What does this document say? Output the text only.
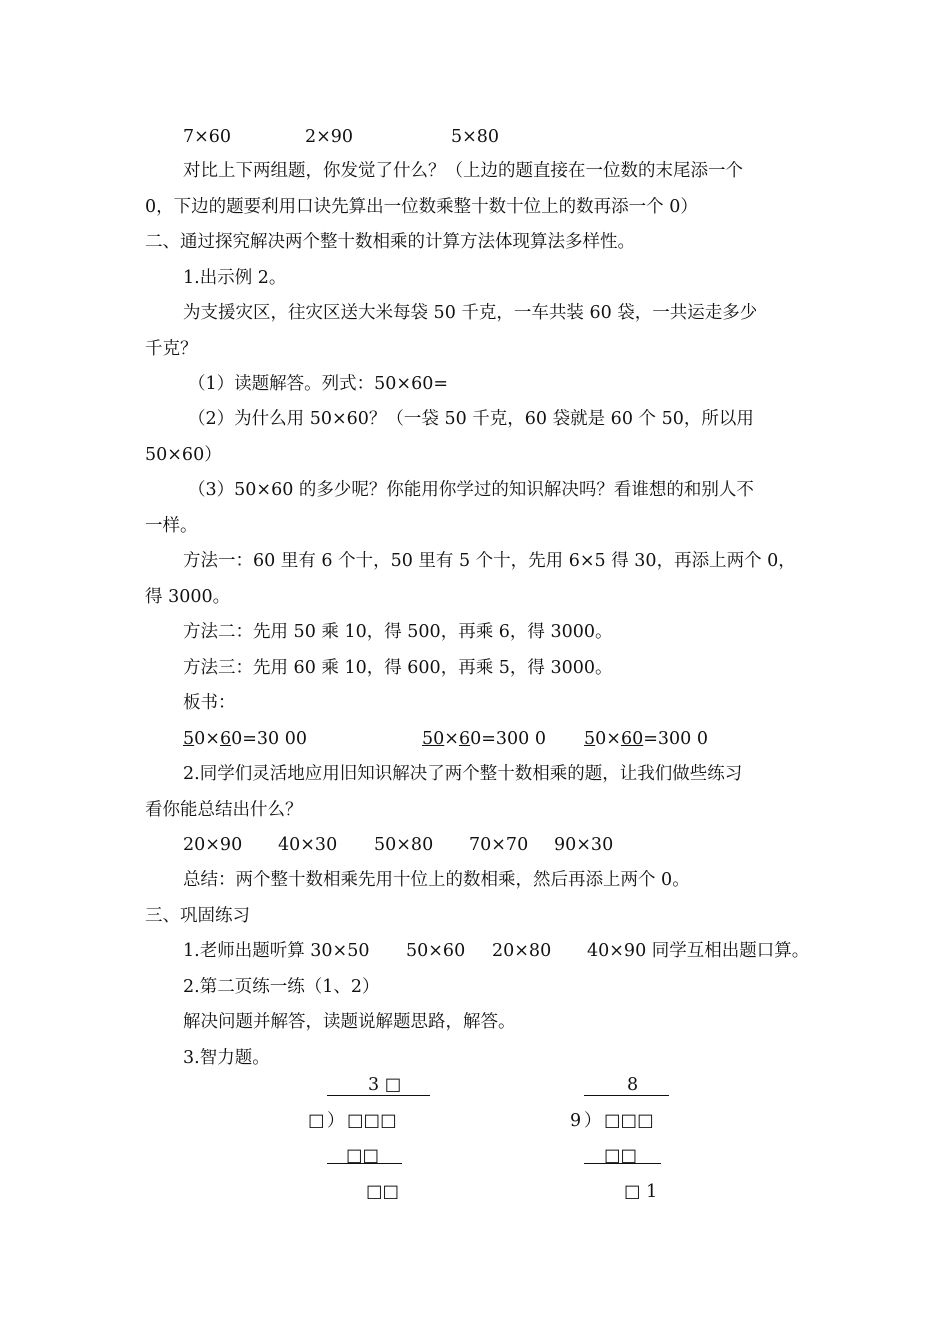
7×60	2×90	5×80
对比上下两组题，你发觉了什么？（上边的题直接在一位数的末尾添一个
0，下边的题要利用口诀先算出一位数乘整十数十位上的数再添一个 0）
二、通过探究解决两个整十数相乘的计算方法体现算法多样性。
1.出示例 2。
为支援灾区，往灾区送大米每袋 50 千克，一车共装 60 袋，一共运走多少
千克？
（1）读题解答。列式：50×60=
（2）为什么用 50×60？（一袋 50 千克，60 袋就是 60 个 50，所以用
50×60）
（3）50×60 的多少呢？你能用你学过的知识解决吗？看谁想的和别人不
一样。
方法一：60 里有 6 个十，50 里有 5 个十，先用 6×5 得 30，再添上两个 0，
得 3000。
方法二：先用 50 乘 10，得 500，再乘 6，得 3000。
方法三：先用 60 乘 10，得 600，再乘 5，得 3000。
板书：
50×60=30 00	50×60=300 0 50×60=300 0
2.同学们灵活地应用旧知识解决了两个整十数相乘的题，让我们做些练习
看你能总结出什么？
20×90 40×30 50×80 70×70 90×30
总结：两个整十数相乘先用十位上的数相乘，然后再添上两个 0。
三、巩固练习
1.老师出题听算 30×50 50×60 20×80 40×90 同学互相出题口算。
2.第二页练一练（1、2）
解决问题并解答，读题说解题思路，解答。
3.智力题。
3 □
□ ） □□□
□□
□□
8
9 ） □□□
□□
□ 1
